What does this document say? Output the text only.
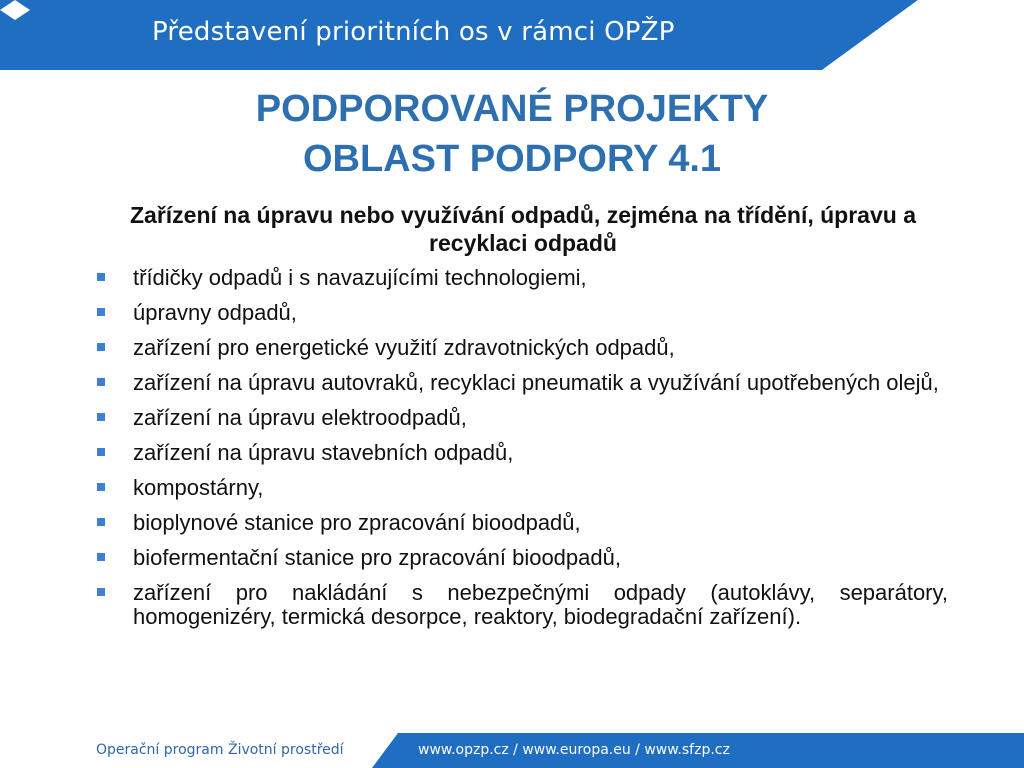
Představení prioritních os v rámci OPŽP
PODPOROVANÉ PROJEKTY
OBLAST PODPORY 4.1
Zařízení na úpravu nebo využívání odpadů, zejména na třídění, úpravu a recyklaci odpadů
třídičky odpadů i s navazujícími technologiemi,
úpravny odpadů,
zařízení pro energetické využití zdravotnických odpadů,
zařízení na úpravu autovraků, recyklaci pneumatik a využívání upotřebených olejů,
zařízení na úpravu elektroodpadů,
zařízení na úpravu stavebních odpadů,
kompostárny,
bioplynové stanice pro zpracování bioodpadů,
biofermentační stanice pro zpracování bioodpadů,
zařízení pro nakládání s nebezpečnými odpady (autoklávy, separátory, homogenizéry, termická desorpce, reaktory, biodegradační zařízení).
Operační program Životní prostředí	www.opzp.cz / www.europa.eu / www.sfzp.cz
